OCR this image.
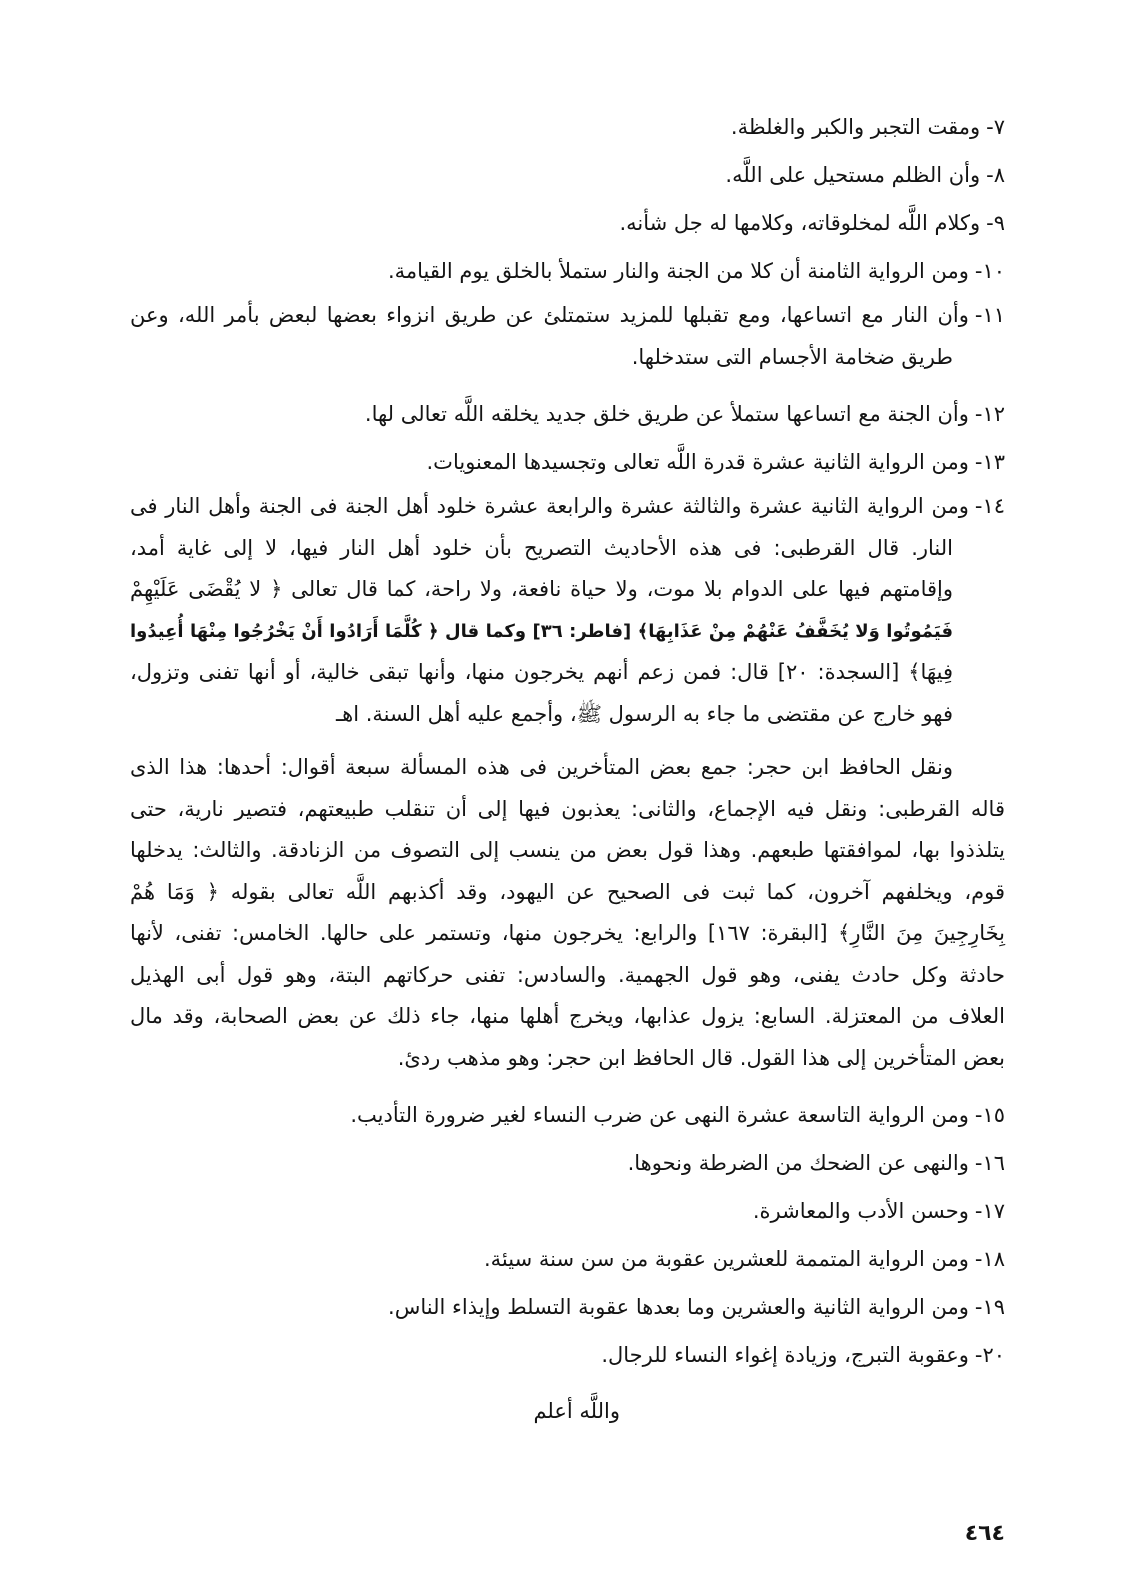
٧-ومقت التجبر والكبر والغلظة.
٨-وأن الظلم مستحيل على اللَّه.
٩-وكلام اللَّه لمخلوقاته، وكلامها له جل شأنه.
١٠-ومن الرواية الثامنة أن كلا من الجنة والنار ستملأ بالخلق يوم القيامة.
١١-وأن النار مع اتساعها، ومع تقبلها للمزيد ستمتلئ عن طريق انزواء بعضها لبعض بأمر الله، وعن
طريق ضخامة الأجسام التى ستدخلها.
١٢-وأن الجنة مع اتساعها ستملأ عن طريق خلق جديد يخلقه اللَّه تعالى لها.
١٣-ومن الرواية الثانية عشرة قدرة اللَّه تعالى وتجسيدها المعنويات.
١٤-ومن الرواية الثانية عشرة والثالثة عشرة والرابعة عشرة خلود أهل الجنة فى الجنة وأهل النار فى
النار. قال القرطبى: فى هذه الأحاديث التصريح بأن خلود أهل النار فيها، لا إلى غاية أمد،
وإقامتهم فيها على الدوام بلا موت، ولا حياة نافعة، ولا راحة، كما قال تعالى ﴿ لا يُقْضَى عَلَيْهِمْ
فَيَمُوتُوا وَلا يُخَفَّفُ عَنْهُمْ مِنْ عَذَابِهَا﴾ [فاطر: ٣٦] وكما قال ﴿ كُلَّمَا أَرَادُوا أَنْ يَخْرُجُوا مِنْهَا أُعِيدُوا
فِيهَا﴾ [السجدة: ٢٠] قال: فمن زعم أنهم يخرجون منها، وأنها تبقى خالية، أو أنها تفنى وتزول،
فهو خارج عن مقتضى ما جاء به الرسول ﷺ، وأجمع عليه أهل السنة. اهـ
ونقل الحافظ ابن حجر: جمع بعض المتأخرين فى هذه المسألة سبعة أقوال: أحدها: هذا الذى
قاله القرطبى: ونقل فيه الإجماع، والثانى: يعذبون فيها إلى أن تنقلب طبيعتهم، فتصير نارية، حتى
يتلذذوا بها، لموافقتها طبعهم. وهذا قول بعض من ينسب إلى التصوف من الزنادقة. والثالث: يدخلها
قوم، ويخلفهم آخرون، كما ثبت فى الصحيح عن اليهود، وقد أكذبهم اللَّه تعالى بقوله ﴿ وَمَا هُمْ
بِخَارِجِينَ مِنَ النَّارِ﴾ [البقرة: ١٦٧] والرابع: يخرجون منها، وتستمر على حالها. الخامس: تفنى، لأنها
حادثة وكل حادث يفنى، وهو قول الجهمية. والسادس: تفنى حركاتهم البتة، وهو قول أبى الهذيل
العلاف من المعتزلة. السابع: يزول عذابها، ويخرج أهلها منها، جاء ذلك عن بعض الصحابة، وقد مال
بعض المتأخرين إلى هذا القول. قال الحافظ ابن حجر: وهو مذهب ردئ.
١٥-ومن الرواية التاسعة عشرة النهى عن ضرب النساء لغير ضرورة التأديب.
١٦-والنهى عن الضحك من الضرطة ونحوها.
١٧-وحسن الأدب والمعاشرة.
١٨-ومن الرواية المتممة للعشرين عقوبة من سن سنة سيئة.
١٩-ومن الرواية الثانية والعشرين وما بعدها عقوبة التسلط وإيذاء الناس.
٢٠-وعقوبة التبرج، وزيادة إغواء النساء للرجال.
واللَّه أعلم
٤٦٤
